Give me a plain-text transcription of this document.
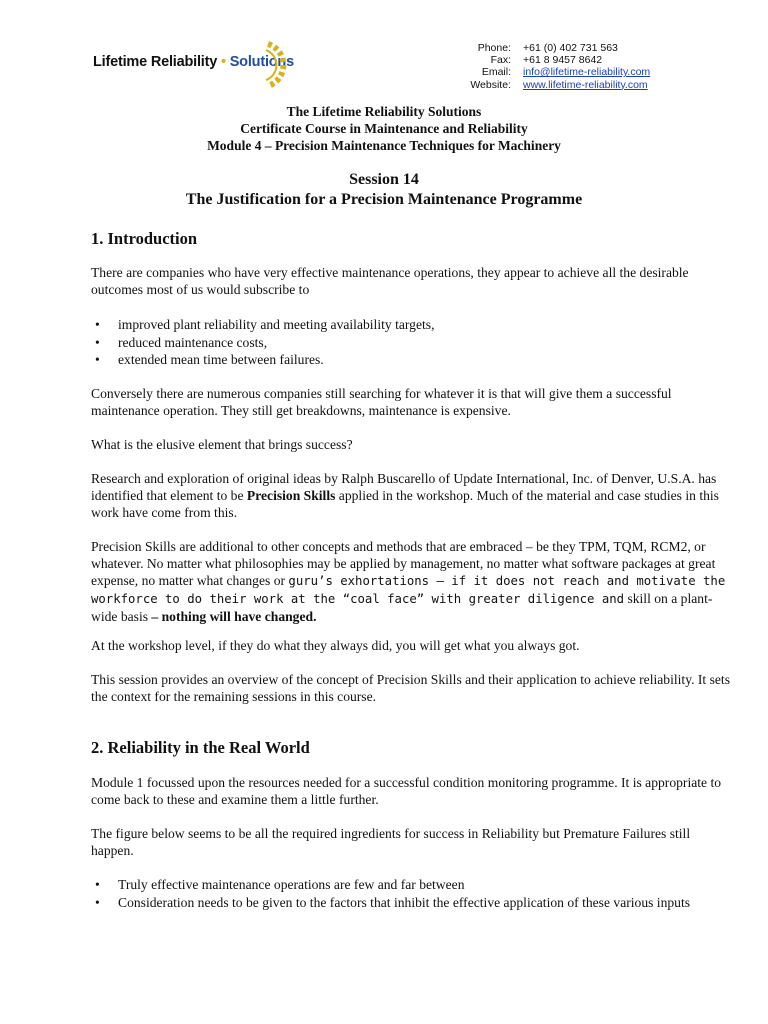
Lifetime Reliability • Solutions
Phone:	+61 (0) 402 731 563
Fax:	+61 8 9457 8642
Email:	info@lifetime-reliability.com
Website:	www.lifetime-reliability.com
The Lifetime Reliability Solutions
Certificate Course in Maintenance and Reliability
Module 4 – Precision Maintenance Techniques for Machinery
Session 14
The Justification for a Precision Maintenance Programme
1. Introduction

There are companies who have very effective maintenance operations, they appear to achieve all the desirable outcomes most of us would subscribe to

• improved plant reliability and meeting availability targets,
• reduced maintenance costs,
• extended mean time between failures.

Conversely there are numerous companies still searching for whatever it is that will give them a successful maintenance operation. They still get breakdowns, maintenance is expensive.

What is the elusive element that brings success?

Research and exploration of original ideas by Ralph Buscarello of Update International, Inc. of Denver, U.S.A. has identified that element to be Precision Skills applied in the workshop. Much of the material and case studies in this work have come from this.

Precision Skills are additional to other concepts and methods that are embraced – be they TPM, TQM, RCM2, or whatever. No matter what philosophies may be applied by management, no matter what software packages at great expense, no matter what changes or guru’s exhortations – if it does not reach and motivate the workforce to do their work at the “coal face” with greater diligence and skill on a plant-wide basis – nothing will have changed.

At the workshop level, if they do what they always did, you will get what you always got.

This session provides an overview of the concept of Precision Skills and their application to achieve reliability. It sets the context for the remaining sessions in this course.

2. Reliability in the Real World

Module 1 focussed upon the resources needed for a successful condition monitoring programme. It is appropriate to come back to these and examine them a little further.

The figure below seems to be all the required ingredients for success in Reliability but Premature Failures still happen.

• Truly effective maintenance operations are few and far between
• Consideration needs to be given to the factors that inhibit the effective application of these various inputs
